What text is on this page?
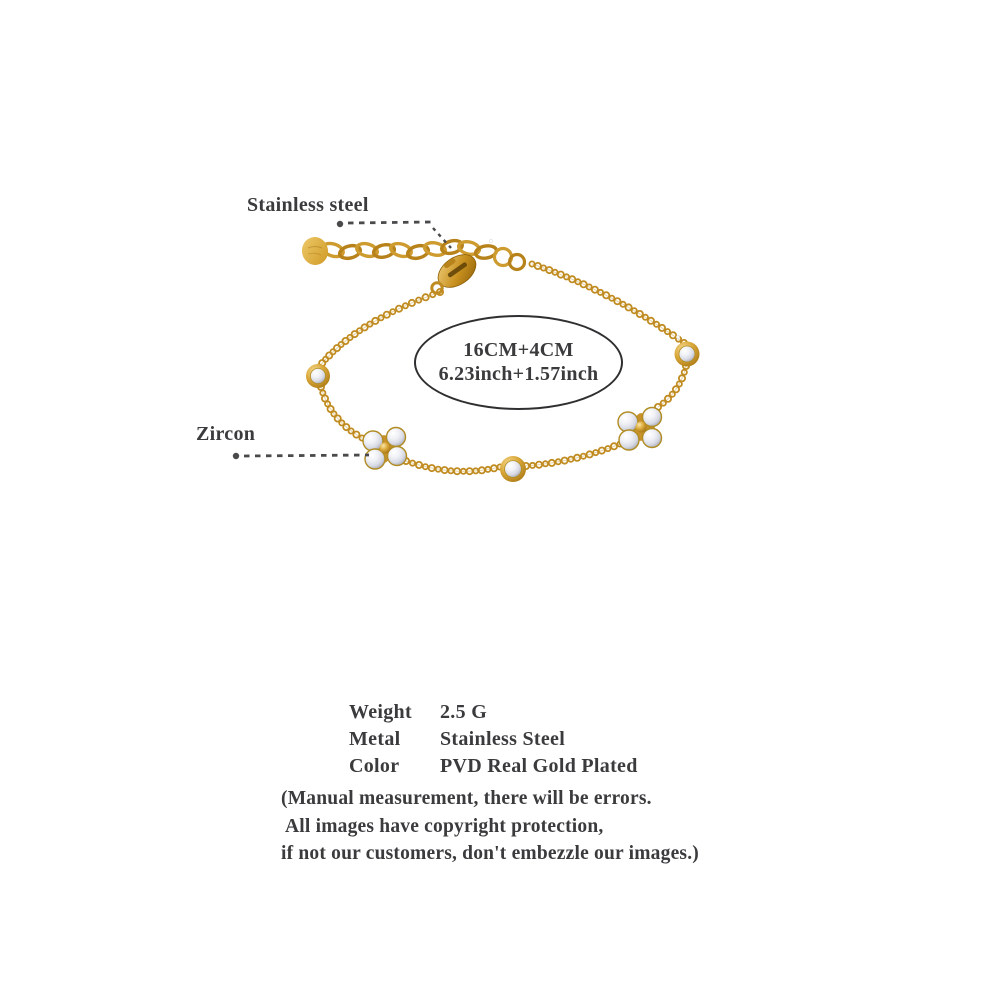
Stainless steel
Zircon
16CM+4CM
6.23inch+1.57inch
Weight	2.5 G
Metal	Stainless Steel
Color	PVD Real Gold Plated
(Manual measurement, there will be errors.
All images have copyright protection,
if not our customers, don't embezzle our images.)
